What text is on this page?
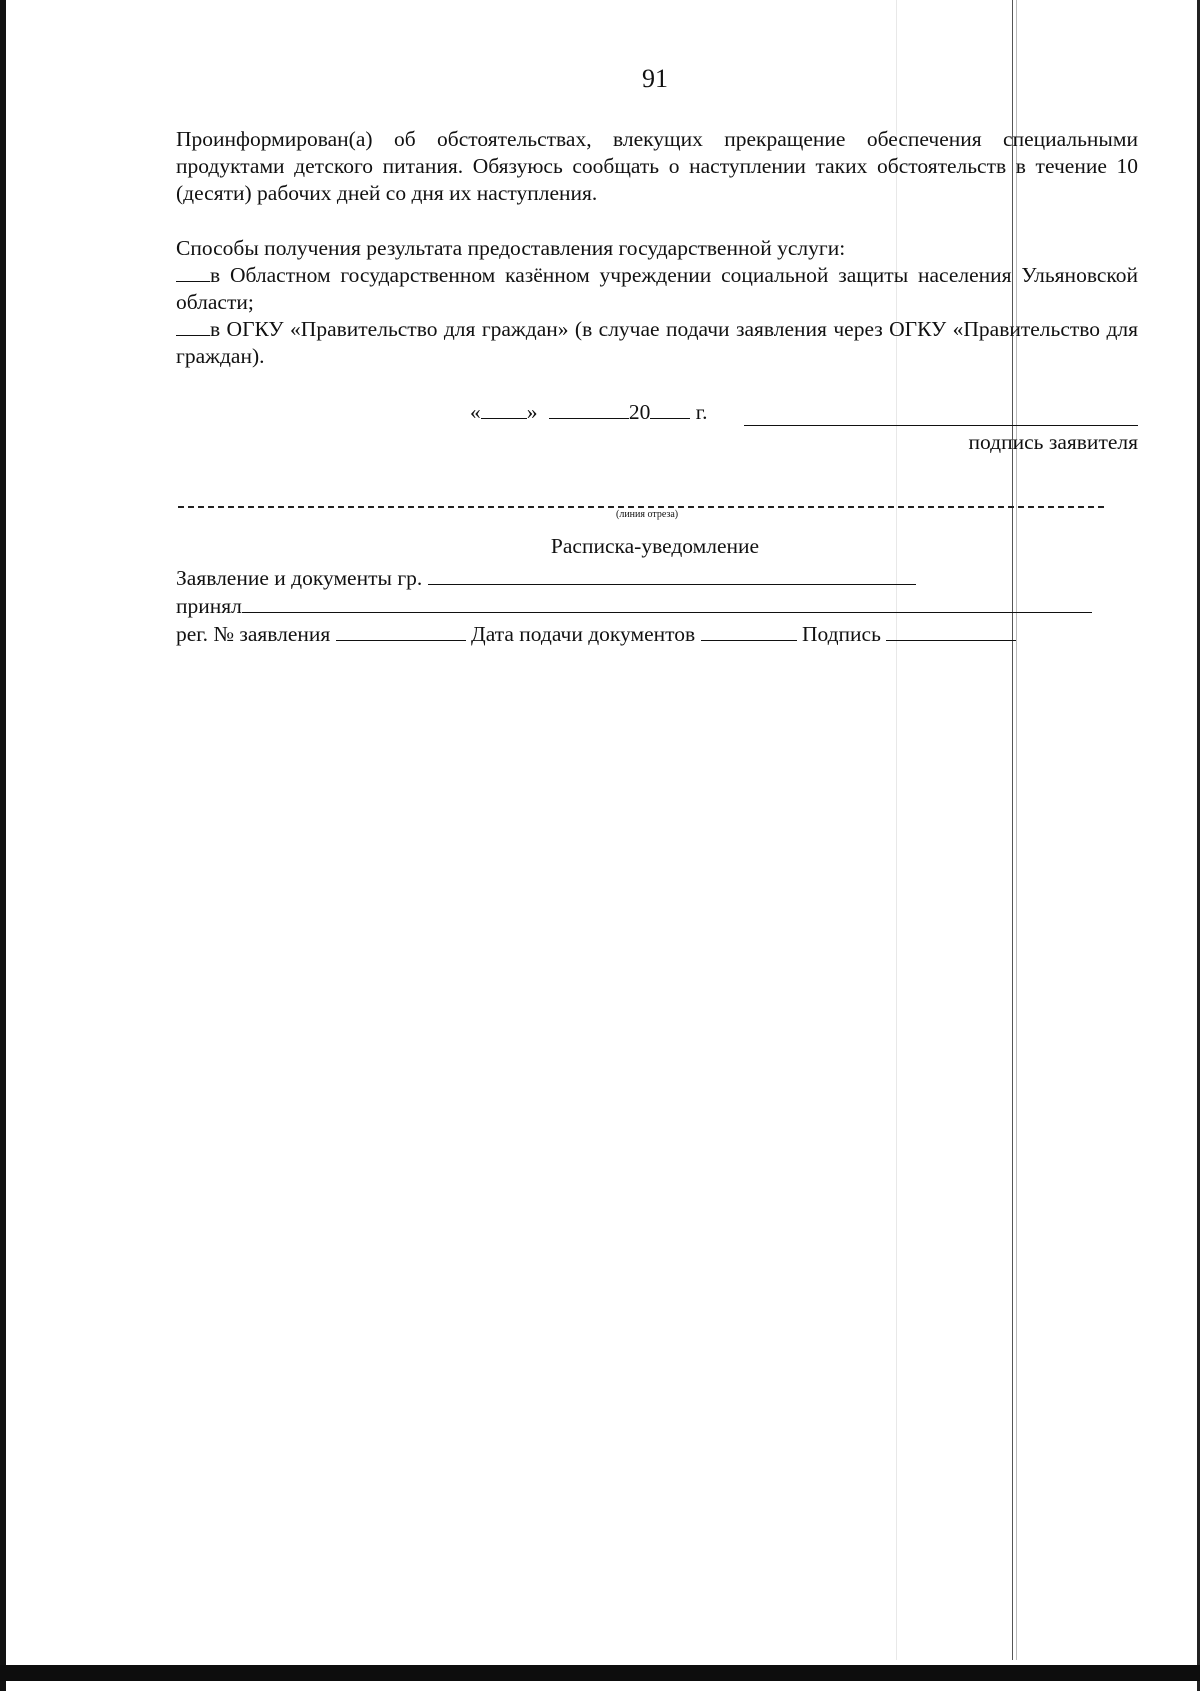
91
Проинформирован(а) об обстоятельствах, влекущих прекращение обеспечения специальными продуктами детского питания. Обязуюсь сообщать о наступлении таких обстоятельств в течение 10 (десяти) рабочих дней со дня их наступления.
Способы получения результата предоставления государственной услуги:
в Областном государственном казённом учреждении социальной защиты населения Ульяновской области;
в ОГКУ «Правительство для граждан» (в случае подачи заявления через ОГКУ «Правительство для граждан).
« »	20 г.
подпись заявителя
(линия отреза)
Расписка-уведомление
Заявление и документы гр.
принял
рег. № заявления	Дата подачи документов	Подпись
